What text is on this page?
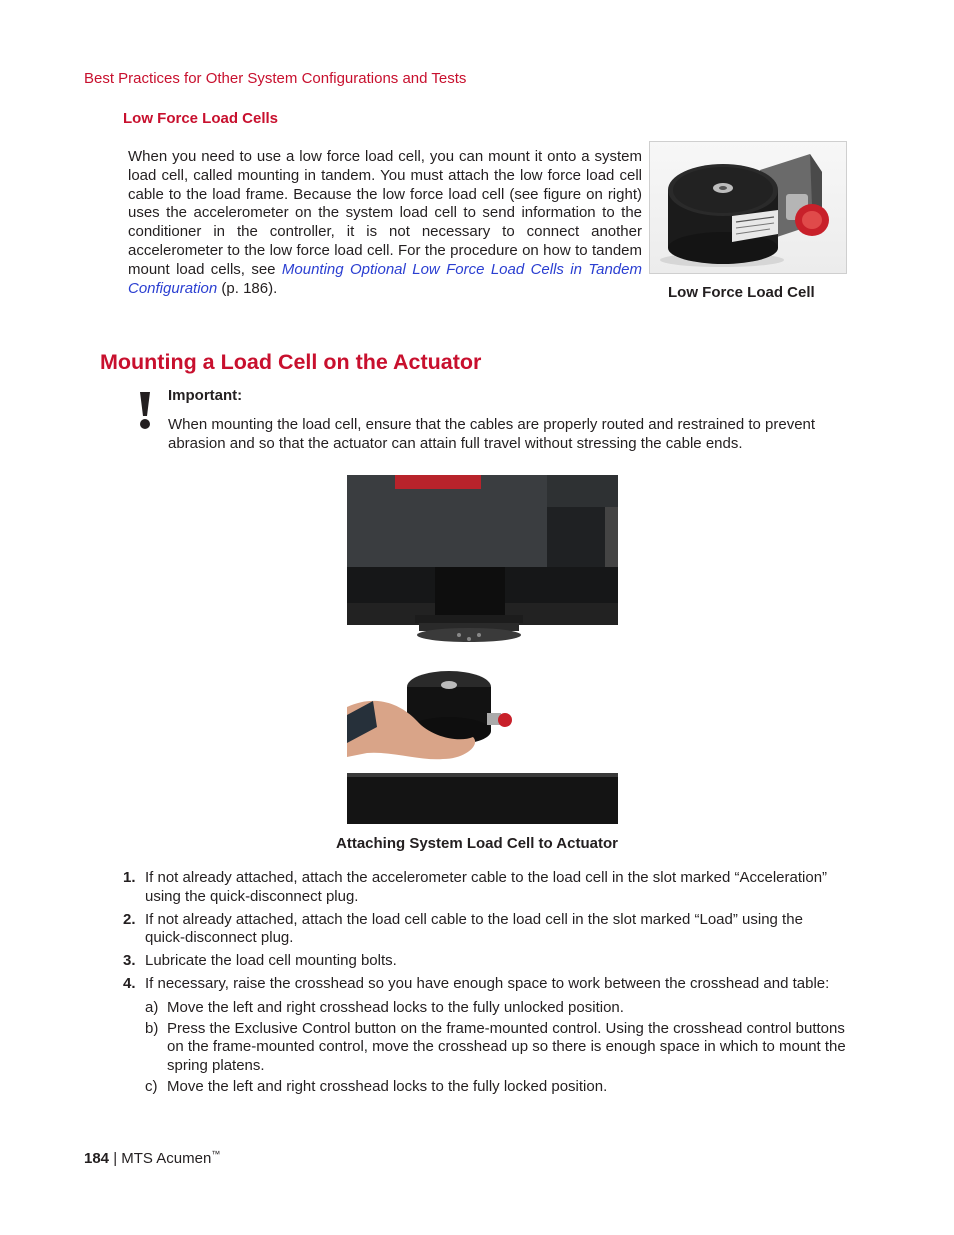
Best Practices for Other System Configurations and Tests
Low Force Load Cells
When you need to use a low force load cell, you can mount it onto a system load cell, called mounting in tandem. You must attach the low force load cell cable to the load frame. Because the low force load cell (see figure on right) uses the accelerometer on the system load cell to send information to the conditioner in the controller, it is not necessary to connect another accelerometer to the low force load cell. For the procedure on how to tandem mount load cells, see Mounting Optional Low Force Load Cells in Tandem Configuration (p. 186).	Low Force Load Cell
Mounting a Load Cell on the Actuator
Important:
When mounting the load cell, ensure that the cables are properly routed and restrained to prevent abrasion and so that the actuator can attain full travel without stressing the cable ends.
Attaching System Load Cell to Actuator
1. If not already attached, attach the accelerometer cable to the load cell in the slot marked “Acceleration” using the quick-disconnect plug.
2. If not already attached, attach the load cell cable to the load cell in the slot marked “Load” using the quick-disconnect plug.
3. Lubricate the load cell mounting bolts.
4. If necessary, raise the crosshead so you have enough space to work between the crosshead and table:
a) Move the left and right crosshead locks to the fully unlocked position.
b) Press the Exclusive Control button on the frame-mounted control. Using the crosshead control buttons on the frame-mounted control, move the crosshead up so there is enough space in which to mount the spring platens.
c) Move the left and right crosshead locks to the fully locked position.
184 | MTS Acumen™
